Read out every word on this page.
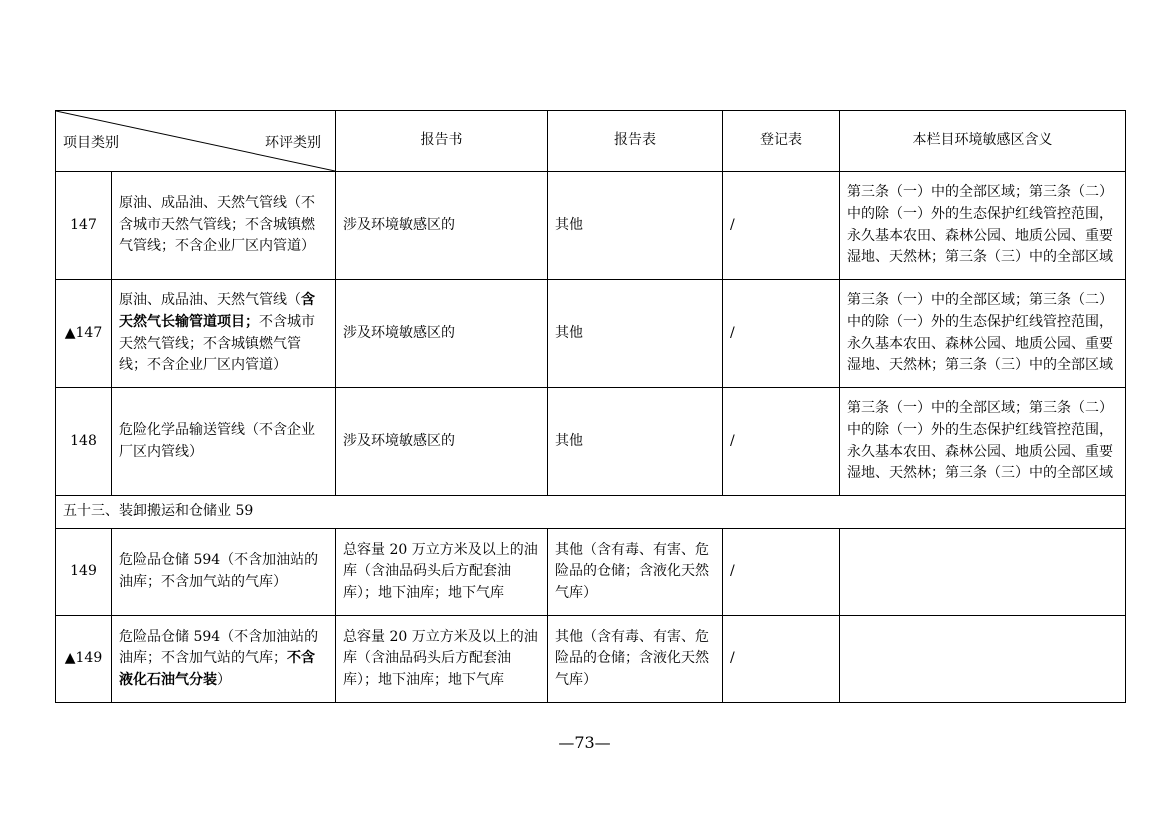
项目类别 环评类别		报告书	报告表	登记表	本栏目环境敏感区含义
147	原油、成品油、天然气管线（不含城市天然气管线；不含城镇燃气管线；不含企业厂区内管道）	涉及环境敏感区的	其他	/	第三条（一）中的全部区域；第三条（二）中的除（一）外的生态保护红线管控范围，永久基本农田、森林公园、地质公园、重要湿地、天然林；第三条（三）中的全部区域
▲147	原油、成品油、天然气管线（含天然气长输管道项目；不含城市天然气管线；不含城镇燃气管线；不含企业厂区内管道）	涉及环境敏感区的	其他	/	第三条（一）中的全部区域；第三条（二）中的除（一）外的生态保护红线管控范围，永久基本农田、森林公园、地质公园、重要湿地、天然林；第三条（三）中的全部区域
148	危险化学品输送管线（不含企业厂区内管线）	涉及环境敏感区的	其他	/	第三条（一）中的全部区域；第三条（二）中的除（一）外的生态保护红线管控范围，永久基本农田、森林公园、地质公园、重要湿地、天然林；第三条（三）中的全部区域
五十三、装卸搬运和仓储业 59					
149	危险品仓储 594（不含加油站的油库；不含加气站的气库）	总容量 20 万立方米及以上的油库（含油品码头后方配套油库）；地下油库；地下气库	其他（含有毒、有害、危险品的仓储；含液化天然气库）	/	
▲149	危险品仓储 594（不含加油站的油库；不含加气站的气库；不含液化石油气分装）	总容量 20 万立方米及以上的油库（含油品码头后方配套油库）；地下油库；地下气库	其他（含有毒、有害、危险品的仓储；含液化天然气库）	/	
—73—
